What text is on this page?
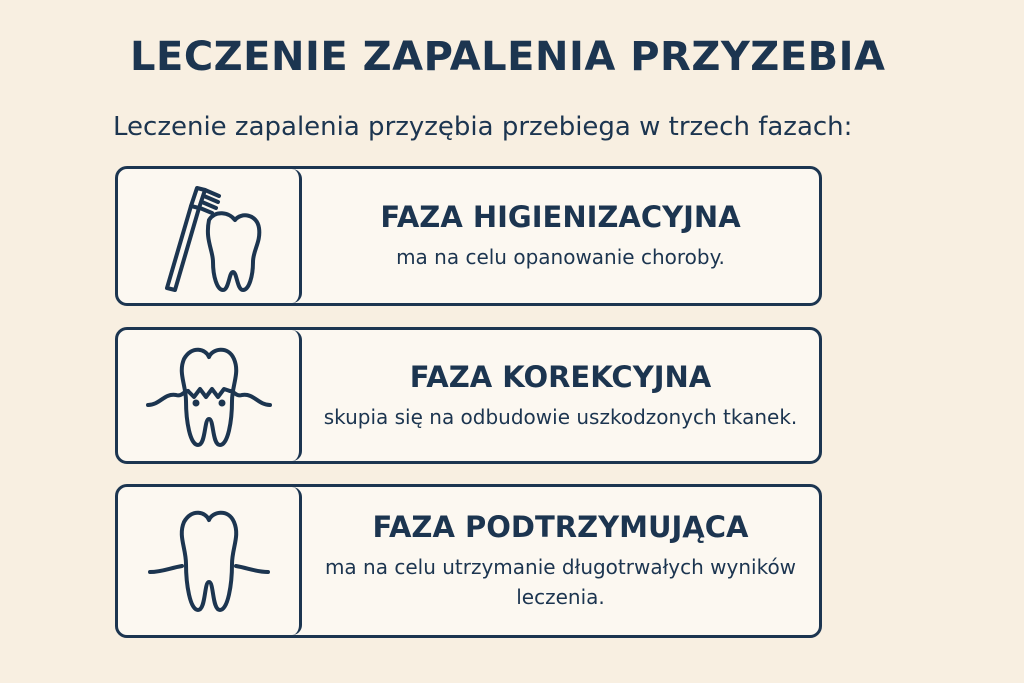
LECZENIE ZAPALENIA PRZYZEBIA

Leczenie zapalenia przyzębia przebiega w trzech fazach:

FAZA HIGIENIZACYJNA

ma na celu opanowanie choroby.

FAZA KOREKCYJNA

skupia się na odbudowie uszkodzonych tkanek.

FAZA PODTRZYMUJĄCA

ma na celu utrzymanie długotrwałych wyników leczenia.
